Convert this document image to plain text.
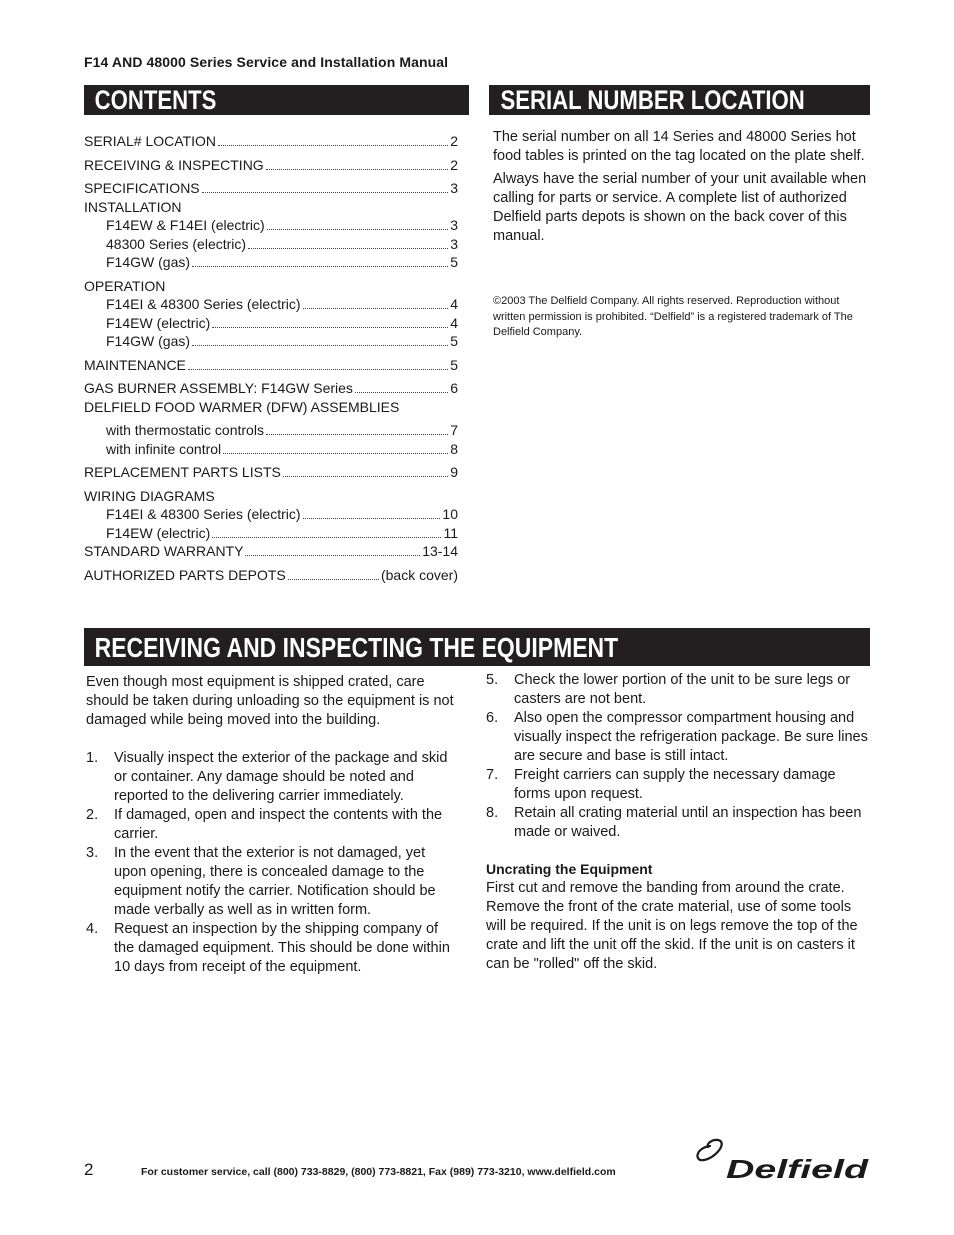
F14 AND 48000 Series Service and Installation Manual
CONTENTS	SERIAL NUMBER LOCATION
RECEIVING AND INSPECTING THE EQUIPMENT
SERIAL# LOCATION	2
RECEIVING & INSPECTING	2
SPECIFICATIONS	3
INSTALLATION
F14EW & F14EI (electric)	3
48300 Series (electric)	3
F14GW (gas)	5
OPERATION
F14EI & 48300 Series (electric)	4
F14EW (electric)	4
F14GW (gas)	5
MAINTENANCE	5
GAS BURNER ASSEMBLY: F14GW Series	6
DELFIELD FOOD WARMER (DFW) ASSEMBLIES
with thermostatic controls	7
with infinite control	8
REPLACEMENT PARTS LISTS	9
WIRING DIAGRAMS
F14EI & 48300 Series (electric)	10
F14EW (electric)	11
STANDARD WARRANTY	13-14
AUTHORIZED PARTS DEPOTS	(back cover)

The serial number on all 14 Series and 48000 Series hot food tables is printed on the tag located on the plate shelf.

Always have the serial number of your unit available when calling for parts or service. A complete list of authorized Delfield parts depots is shown on the back cover of this manual.

©2003 The Delfield Company. All rights reserved. Reproduction without written permission is prohibited. “Delfield” is a registered trademark of The Delfield Company.

Even though most equipment is shipped crated, care should be taken during unloading so the equipment is not damaged while being moved into the building.

1. Visually inspect the exterior of the package and skid or container. Any damage should be noted and reported to the delivering carrier immediately.
2. If damaged, open and inspect the contents with the carrier.
3. In the event that the exterior is not damaged, yet upon opening, there is concealed damage to the equipment notify the carrier. Notification should be made verbally as well as in written form.
4. Request an inspection by the shipping company of the damaged equipment. This should be done within 10 days from receipt of the equipment.
5. Check the lower portion of the unit to be sure legs or casters are not bent.
6. Also open the compressor compartment housing and visually inspect the refrigeration package. Be sure lines are secure and base is still intact.
7. Freight carriers can supply the necessary damage forms upon request.
8. Retain all crating material until an inspection has been made or waived.
Uncrating the Equipment
First cut and remove the banding from around the crate. Remove the front of the crate material, use of some tools will be required. If the unit is on legs remove the top of the crate and lift the unit off the skid. If the unit is on casters it can be "rolled" off the skid.
2	For customer service, call (800) 733-8829, (800) 773-8821, Fax (989) 773-3210, www.delfield.com	Delfield
